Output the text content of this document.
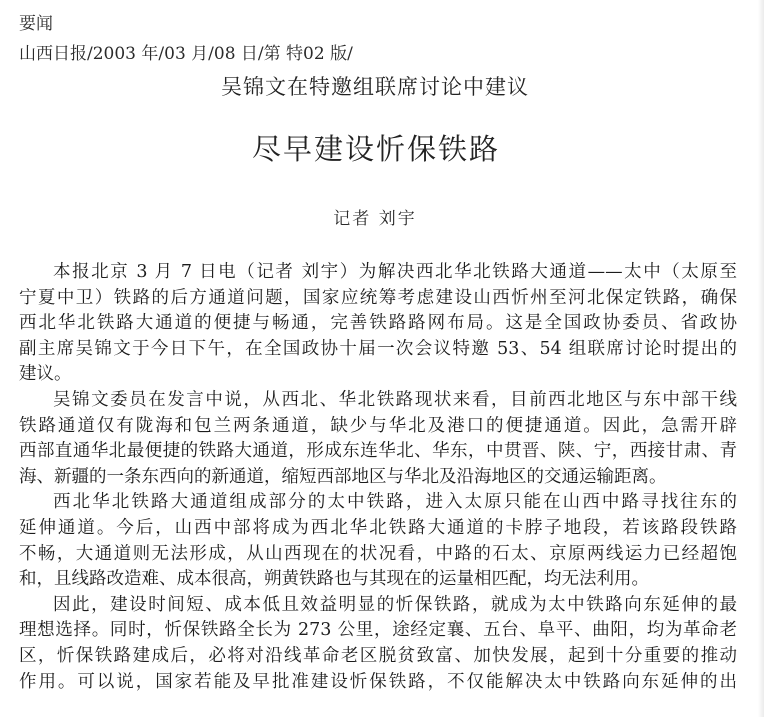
要闻
山西日报/2003 年/03 月/08 日/第 特02 版/
吴锦文在特邀组联席讨论中建议
尽早建设忻保铁路
记者 刘宇
本报北京 3 月 7 日电（记者 刘宇）为解决西北华北铁路大通道——太中（太原至
宁夏中卫）铁路的后方通道问题，国家应统筹考虑建设山西忻州至河北保定铁路，确保
西北华北铁路大通道的便捷与畅通，完善铁路路网布局。这是全国政协委员、省政协
副主席吴锦文于今日下午，在全国政协十届一次会议特邀 53、54 组联席讨论时提出的
建议。
吴锦文委员在发言中说，从西北、华北铁路现状来看，目前西北地区与东中部干线
铁路通道仅有陇海和包兰两条通道，缺少与华北及港口的便捷通道。因此，急需开辟
西部直通华北最便捷的铁路大通道，形成东连华北、华东，中贯晋、陕、宁，西接甘肃、青
海、新疆的一条东西向的新通道，缩短西部地区与华北及沿海地区的交通运输距离。
西北华北铁路大通道组成部分的太中铁路，进入太原只能在山西中路寻找往东的
延伸通道。今后，山西中部将成为西北华北铁路大通道的卡脖子地段，若该路段铁路
不畅，大通道则无法形成，从山西现在的状况看，中路的石太、京原两线运力已经超饱
和，且线路改造难、成本很高，朔黄铁路也与其现在的运量相匹配，均无法利用。
因此，建设时间短、成本低且效益明显的忻保铁路，就成为太中铁路向东延伸的最
理想选择。同时，忻保铁路全长为 273 公里，途经定襄、五台、阜平、曲阳，均为革命老
区，忻保铁路建成后，必将对沿线革命老区脱贫致富、加快发展，起到十分重要的推动
作用。可以说，国家若能及早批准建设忻保铁路，不仅能解决太中铁路向东延伸的出
